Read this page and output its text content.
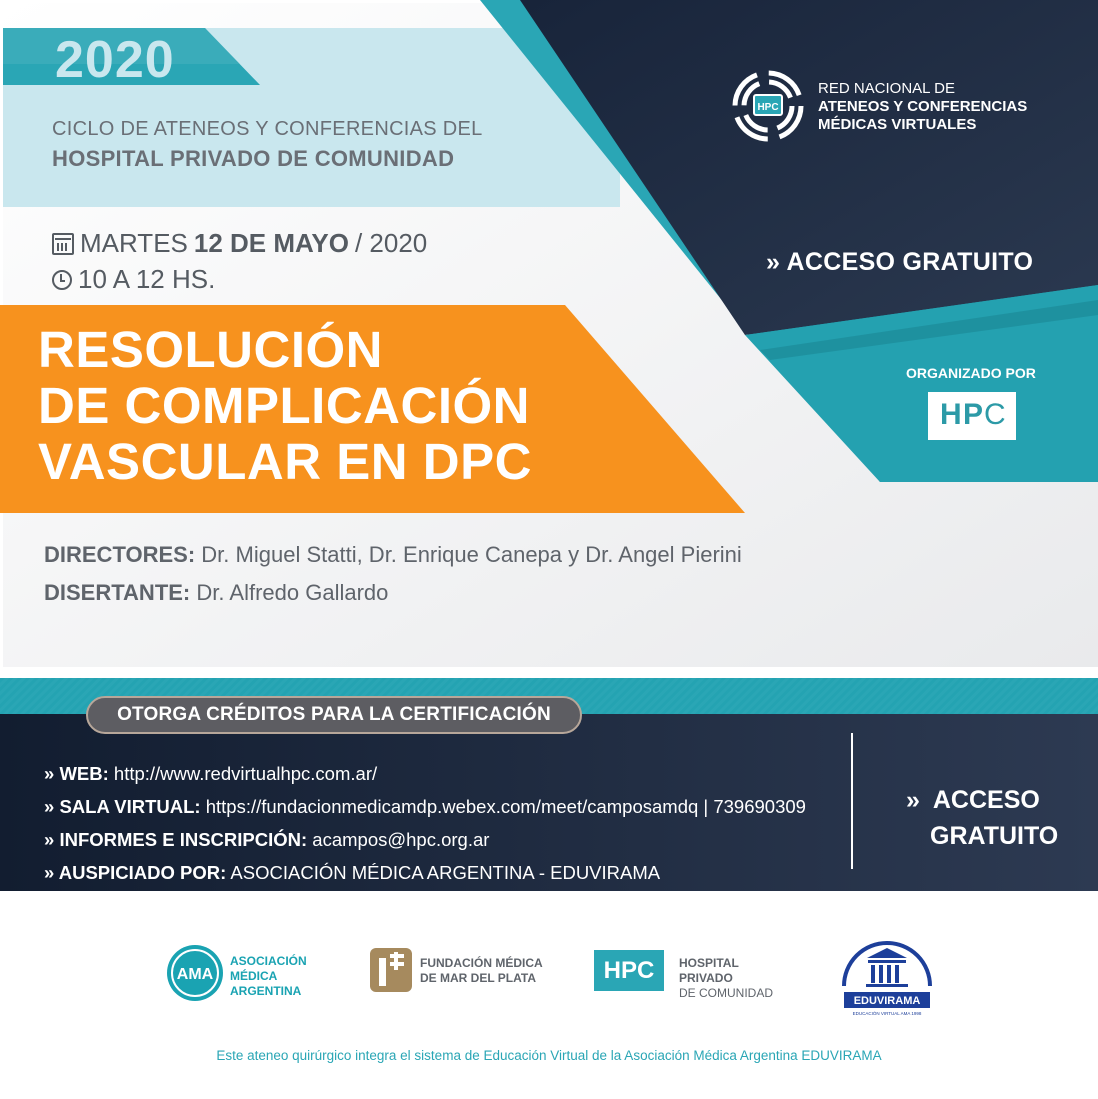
2020
CICLO DE ATENEOS Y CONFERENCIAS DEL
HOSPITAL PRIVADO DE COMUNIDAD
MARTES 12 DE MAYO / 2020
10 A 12 HS.
RESOLUCIÓN
DE COMPLICACIÓN
VASCULAR EN DPC
DIRECTORES: Dr. Miguel Statti, Dr. Enrique Canepa y Dr. Angel Pierini
DISERTANTE: Dr. Alfredo Gallardo
HPC
RED NACIONAL DE
ATENEOS Y CONFERENCIAS
MÉDICAS VIRTUALES
» ACCESO GRATUITO
ORGANIZADO POR
H P C
OTORGA CRÉDITOS PARA LA CERTIFICACIÓN
» WEB: http://www.redvirtualhpc.com.ar/
» SALA VIRTUAL: https://fundacionmedicamdp.webex.com/meet/camposamdq | 739690309
» INFORMES E INSCRIPCIÓN: acampos@hpc.org.ar
» AUSPICIADO POR: ASOCIACIÓN MÉDICA ARGENTINA - EDUVIRAMA
» ACCESO
GRATUITO
AMA
ASOCIACIÓN
MÉDICA
ARGENTINA
FUNDACIÓN MÉDICA
DE MAR DEL PLATA	HPC	HOSPITAL PRIVADO
DE COMUNIDAD
EDUVIRAMA
EDUCACIÓN VIRTUAL AMA 1998
Este ateneo quirúrgico integra el sistema de Educación Virtual de la Asociación Médica Argentina EDUVIRAMA
